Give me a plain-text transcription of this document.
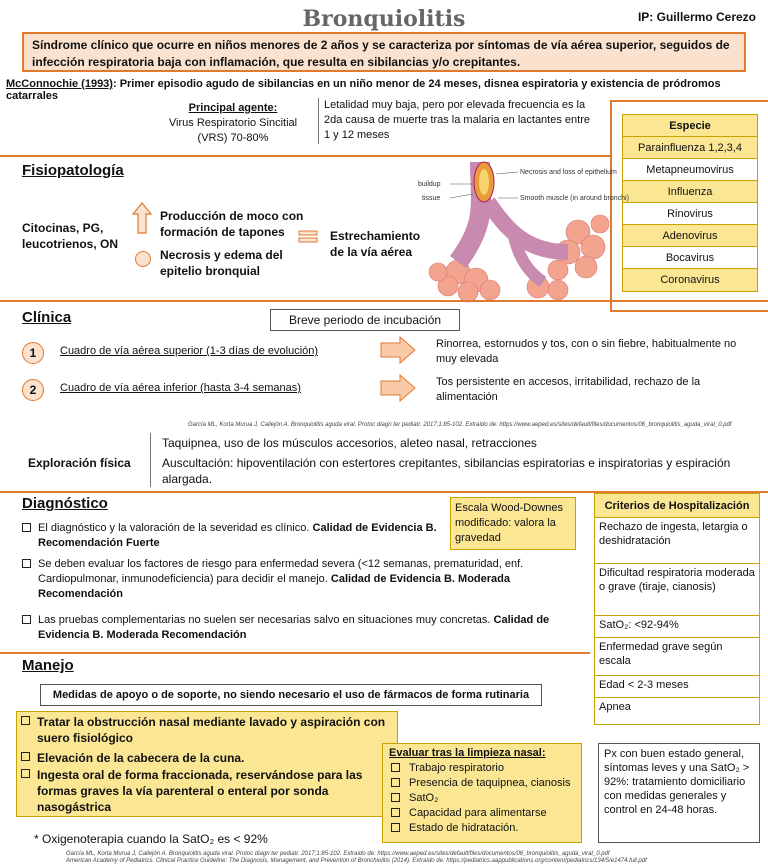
Bronquiolitis	IP: Guillermo Cerezo
Síndrome clínico que ocurre en niños menores de 2 años y se caracteriza por síntomas de vía aérea superior, seguidos de infección respiratoria baja con inflamación, que resulta en sibilancias y/o crepitantes.
McConnochie (1993): Primer episodio agudo de sibilancias en un niño menor de 24 meses, disnea espiratoria y existencia de pródromos catarrales
Principal agente:
Virus Respiratorio Sincitial
(VRS) 70-80%
Letalidad muy baja, pero por elevada frecuencia es la 2da causa de muerte tras la malaria en lactantes entre 1 y 12 meses
Especie
Parainfluenza 1,2,3,4
Metapneumovirus
Influenza
Rinovirus
Adenovirus
Bocavirus
Coronavirus
Fisiopatología
Citocinas, PG, leucotrienos, ON
Producción de moco con formación de tapones
Necrosis y edema del epitelio bronquial
Estrechamiento de la vía aérea
buildup
tissue
Necrosis and loss of epithelium
Smooth muscle (in around bronchi)
Clínica	Breve periodo de incubación
1	Cuadro de vía aérea superior (1-3 días de evolución)
Rinorrea, estornudos y tos, con o sin fiebre, habitualmente no muy elevada
2	Cuadro de vía aérea inferior (hasta 3-4 semanas)	Tos persistente en accesos, irritabilidad, rechazo de la alimentación
García ML, Korta Murua J, Callejón A. Bronquiolitis aguda viral. Protoc diagn ter pediatr. 2017;1:85-102. Extraído de: https://www.aeped.es/sites/default/files/documentos/06_bronquiolitis_aguda_viral_0.pdf
Exploración física
Taquipnea, uso de los músculos accesorios, aleteo nasal, retracciones
Auscultación: hipoventilación con estertores crepitantes, sibilancias espiratorias e inspiratorias y espiración alargada.
Diagnóstico	Escala Wood-Downes modificado: valora la gravedad
El diagnóstico y la valoración de la severidad es clínico. Calidad de Evidencia B. Recomendación Fuerte
Se deben evaluar los factores de riesgo para enfermedad severa (<12 semanas, prematuridad, enf. Cardiopulmonar, inmunodeficiencia) para decidir el manejo. Calidad de Evidencia B. Moderada Recomendación
Las pruebas complementarias no suelen ser necesarias salvo en situaciones muy concretas. Calidad de Evidencia B. Moderada Recomendación
Criterios de Hospitalización
Rechazo de ingesta, letargia o deshidratación
Dificultad respiratoria moderada o grave (tiraje, cianosis)
SatO₂: <92-94%
Enfermedad grave según escala
Edad < 2-3 meses
Apnea
Manejo
Medidas de apoyo o de soporte, no siendo necesario el uso de fármacos de forma rutinaria
Tratar la obstrucción nasal mediante lavado y aspiración con suero fisiológico
Elevación de la cabecera de la cuna.
Ingesta oral de forma fraccionada, reservándose para las formas graves la vía parenteral o enteral por sonda nasogástrica
* Oxigenoterapia cuando la SatO₂ es < 92%
Evaluar tras la limpieza nasal:
Trabajo respiratorio
Presencia de taquipnea, cianosis
SatO₂
Capacidad para alimentarse
Estado de hidratación.
Px con buen estado general, síntomas leves y una SatO₂ > 92%: tratamiento domiciliario con medidas generales y control en 24-48 horas.
García ML, Korta Murua J, Callejón A. Bronquiolitis aguda viral. Protoc diagn ter pediatr. 2017;1:85-102. Extraído de: https://www.aeped.es/sites/default/files/documentos/06_bronquiolitis_aguda_viral_0.pdf
American Academy of Pediatrics. Clinical Practice Guideline: The Diagnosis, Management, and Prevention of Bronchiolitis (2014). Extraído de: https://pediatrics.aappublications.org/content/pediatrics/134/5/e1474.full.pdf
